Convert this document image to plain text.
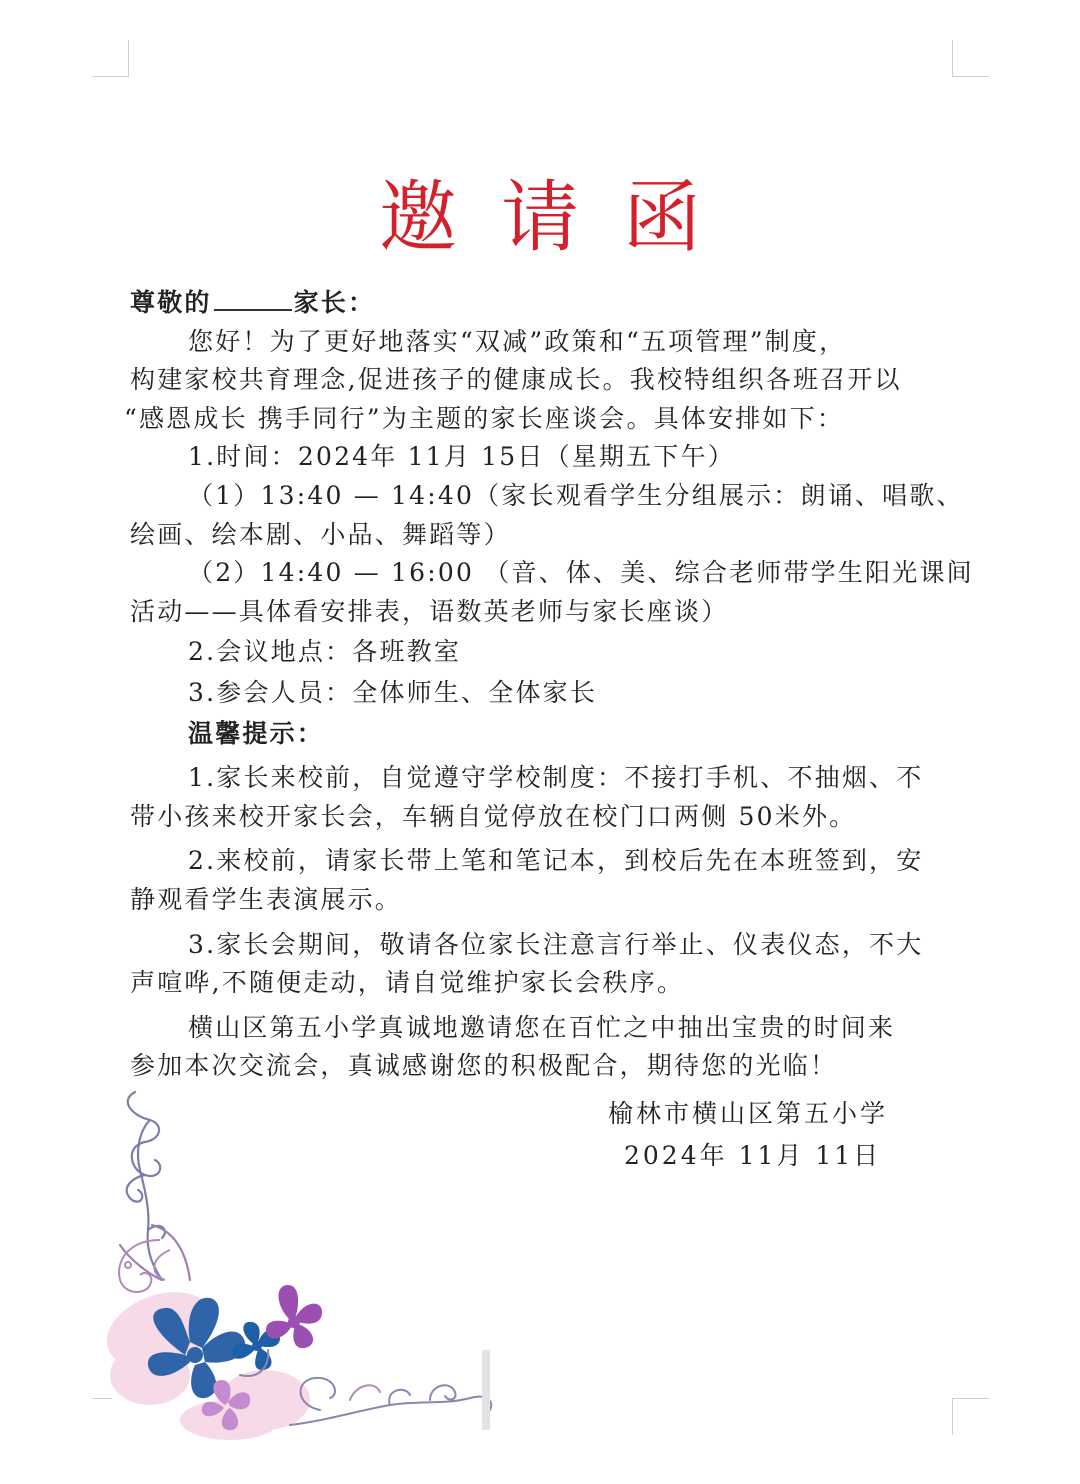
邀请函
尊敬的	家长：
您好！为了更好地落实“双减”政策和“五项管理”制度，
构建家校共育理念,促进孩子的健康成长。我校特组织各班召开以
“感恩成长 携手同行”为主题的家长座谈会。具体安排如下：
1.时间：2024年 11月 15日（星期五下午）
（1）13:40 — 14:40（家长观看学生分组展示：朗诵、唱歌、
绘画、绘本剧、小品、舞蹈等）
（2）14:40 — 16:00 （音、体、美、综合老师带学生阳光课间
活动——具体看安排表，语数英老师与家长座谈）
2.会议地点：各班教室
3.参会人员：全体师生、全体家长
温馨提示：
1.家长来校前，自觉遵守学校制度：不接打手机、不抽烟、不
带小孩来校开家长会，车辆自觉停放在校门口两侧 50米外。
2.来校前，请家长带上笔和笔记本，到校后先在本班签到，安
静观看学生表演展示。
3.家长会期间，敬请各位家长注意言行举止、仪表仪态，不大
声喧哗,不随便走动，请自觉维护家长会秩序。
横山区第五小学真诚地邀请您在百忙之中抽出宝贵的时间来
参加本次交流会，真诚感谢您的积极配合，期待您的光临！
榆林市横山区第五小学
2024年 11月 11日
